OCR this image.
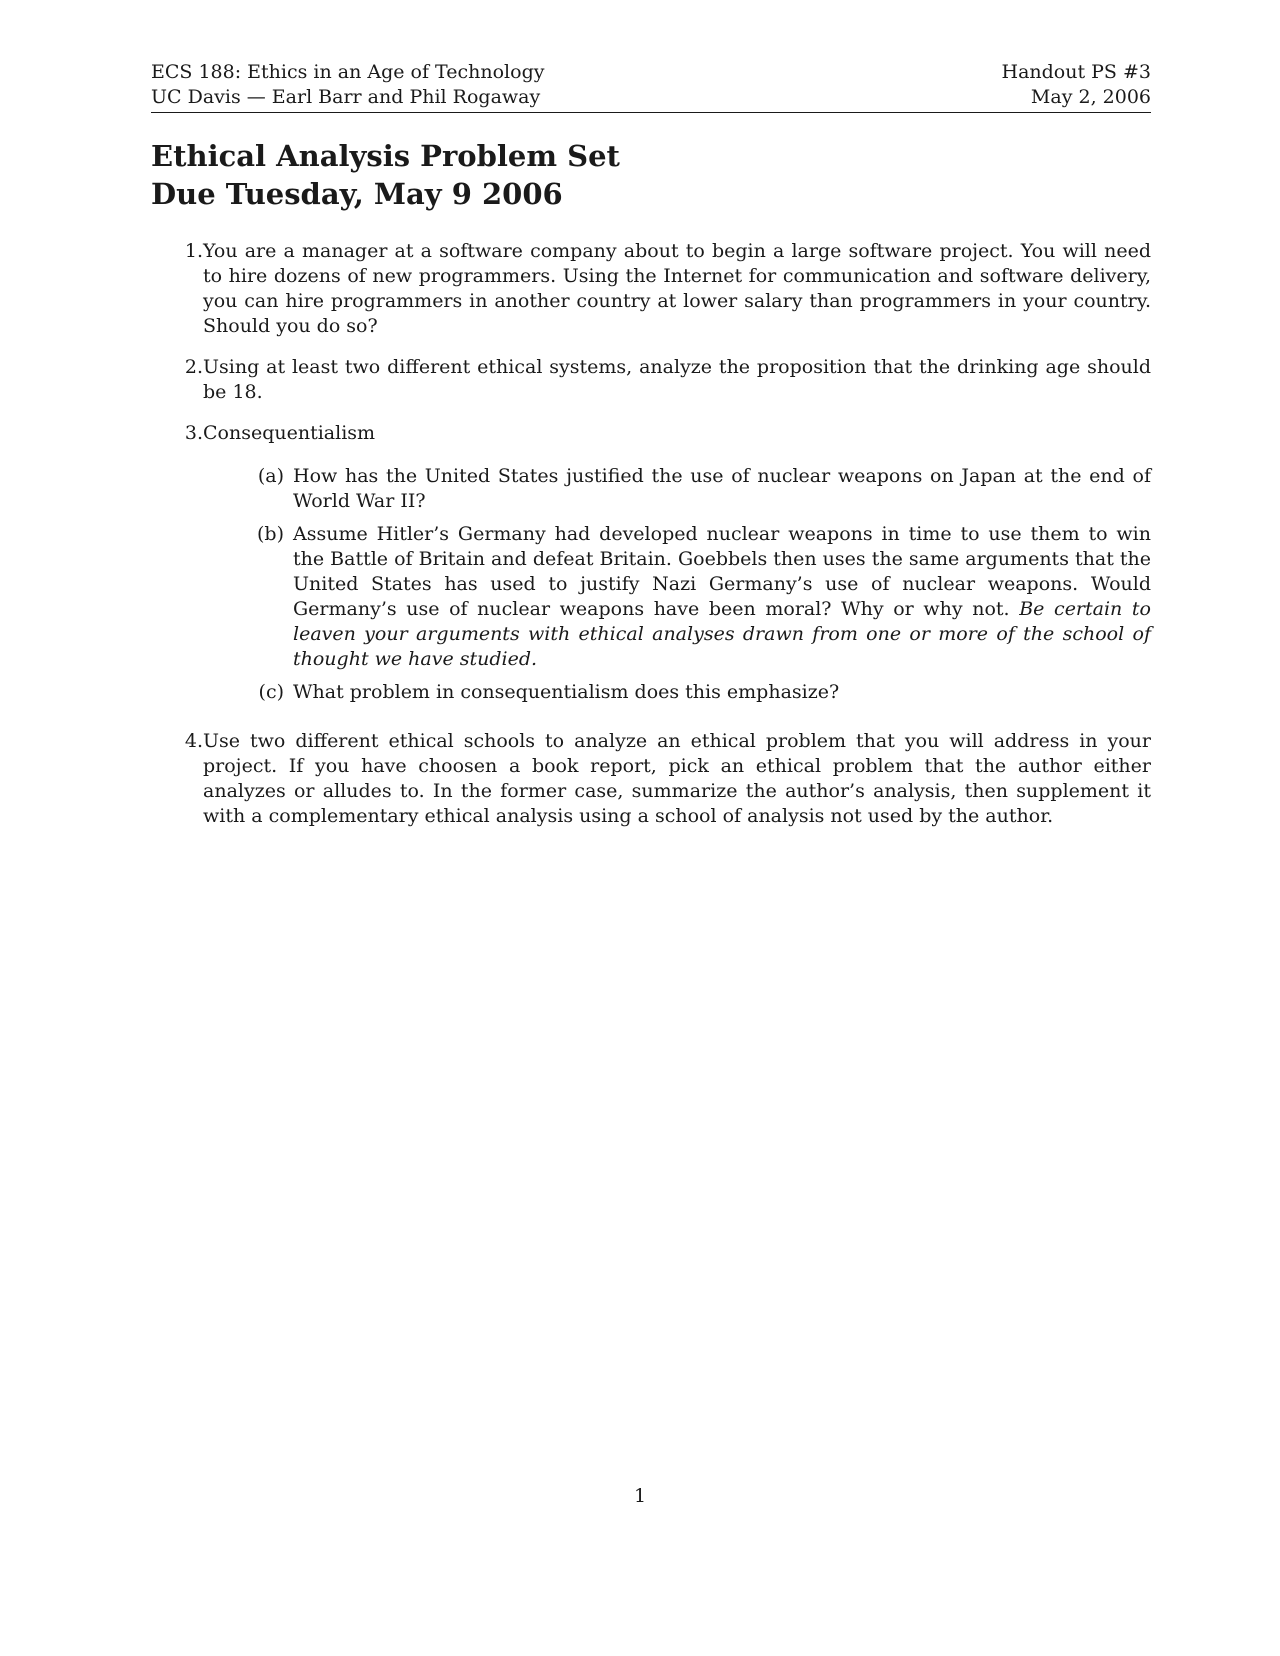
ECS 188: Ethics in an Age of Technology
UC Davis — Earl Barr and Phil Rogaway
Handout PS #3
May 2, 2006
Ethical Analysis Problem Set
Due Tuesday, May 9 2006
1. You are a manager at a software company about to begin a large software project. You will need to hire dozens of new programmers. Using the Internet for communication and software delivery, you can hire programmers in another country at lower salary than programmers in your country. Should you do so?
2. Using at least two different ethical systems, analyze the proposition that the drinking age should be 18.
3. Consequentialism
(a) How has the United States justified the use of nuclear weapons on Japan at the end of World War II?
(b) Assume Hitler’s Germany had developed nuclear weapons in time to use them to win the Battle of Britain and defeat Britain. Goebbels then uses the same arguments that the United States has used to justify Nazi Germany’s use of nuclear weapons. Would Germany’s use of nuclear weapons have been moral? Why or why not. Be certain to leaven your arguments with ethical analyses drawn from one or more of the school of thought we have studied.
(c) What problem in consequentialism does this emphasize?
4. Use two different ethical schools to analyze an ethical problem that you will address in your project. If you have choosen a book report, pick an ethical problem that the author either analyzes or alludes to. In the former case, summarize the author’s analysis, then supplement it with a complementary ethical analysis using a school of analysis not used by the author.
1
